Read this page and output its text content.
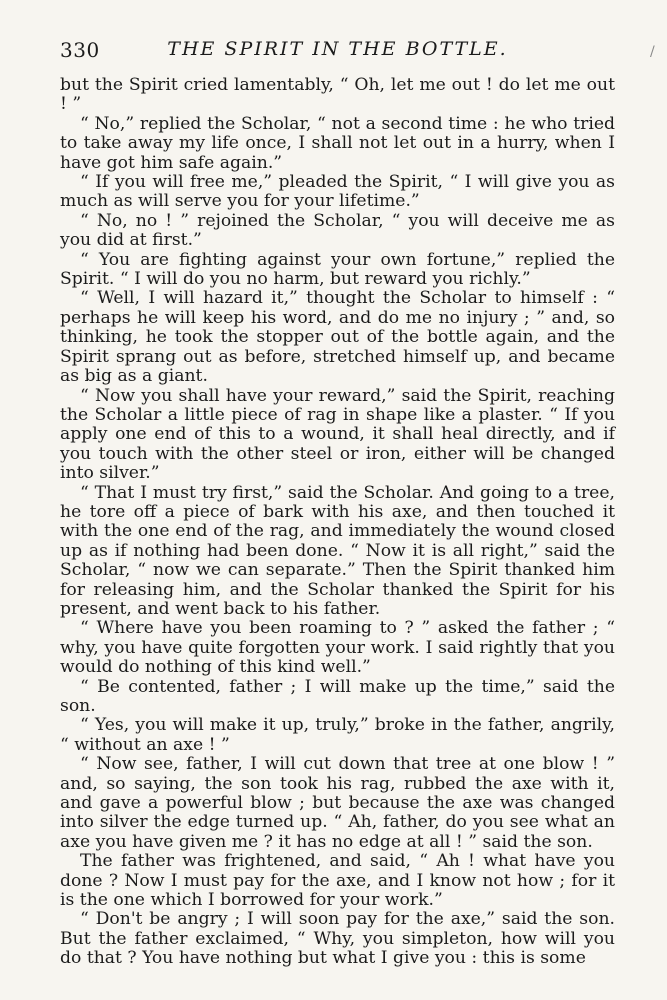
330	THE SPIRIT IN THE BOTTLE.	/

but the Spirit cried lamentably, “ Oh, let me out ! do let me out ! ”

“ No,” replied the Scholar, “ not a second time : he who tried to take away my life once, I shall not let out in a hurry, when I have got him safe again.”

“ If you will free me,” pleaded the Spirit, “ I will give you as much as will serve you for your lifetime.”

“ No, no ! ” rejoined the Scholar, “ you will deceive me as you did at first.”

“ You are fighting against your own fortune,” replied the Spirit. “ I will do you no harm, but reward you richly.”

“ Well, I will hazard it,” thought the Scholar to himself : “ perhaps he will keep his word, and do me no injury ; ” and, so thinking, he took the stopper out of the bottle again, and the Spirit sprang out as before, stretched himself up, and became as big as a giant.

“ Now you shall have your reward,” said the Spirit, reaching the Scholar a little piece of rag in shape like a plaster. “ If you apply one end of this to a wound, it shall heal directly, and if you touch with the other steel or iron, either will be changed into silver.”

“ That I must try first,” said the Scholar. And going to a tree, he tore off a piece of bark with his axe, and then touched it with the one end of the rag, and immediately the wound closed up as if nothing had been done. “ Now it is all right,” said the Scholar, “ now we can separate.” Then the Spirit thanked him for releasing him, and the Scholar thanked the Spirit for his present, and went back to his father.

“ Where have you been roaming to ? ” asked the father ; “ why, you have quite forgotten your work. I said rightly that you would do nothing of this kind well.”

“ Be contented, father ; I will make up the time,” said the son.

“ Yes, you will make it up, truly,” broke in the father, angrily, “ without an axe ! ”

“ Now see, father, I will cut down that tree at one blow ! ” and, so saying, the son took his rag, rubbed the axe with it, and gave a powerful blow ; but because the axe was changed into silver the edge turned up. “ Ah, father, do you see what an axe you have given me ? it has no edge at all ! ” said the son.

The father was frightened, and said, “ Ah ! what have you done ? Now I must pay for the axe, and I know not how ; for it is the one which I borrowed for your work.”

“ Don't be angry ; I will soon pay for the axe,” said the son. But the father exclaimed, “ Why, you simpleton, how will you do that ? You have nothing but what I give you : this is some
